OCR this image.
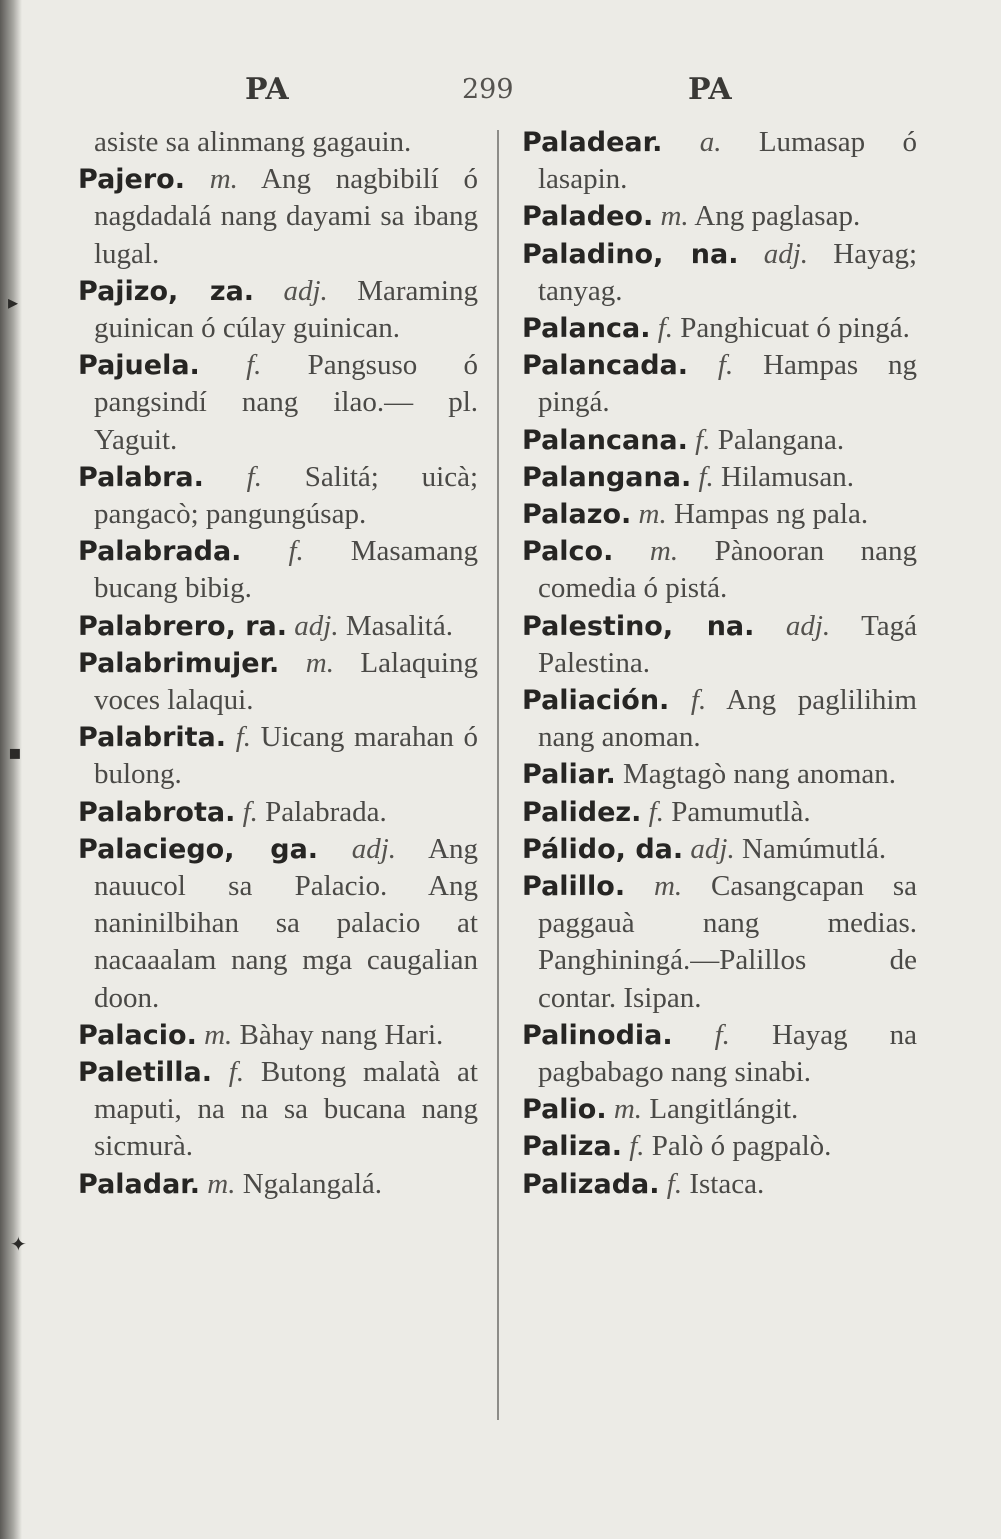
PA	299	PA
▸
▪
✦

asiste sa alinmang gagauin.

Pajero. m. Ang nagbibilí ó nagdadalá nang dayami sa ibang lugal.

Pajizo, za. adj. Maraming guinican ó cúlay guinican.

Pajuela. f. Pangsuso ó pangsindí nang ilao.— pl. Yaguit.

Palabra. f. Salitá; uicà; pangacò; pangungúsap.

Palabrada. f. Masamang bucang bibig.

Palabrero, ra. adj. Masalitá.

Palabrimujer. m. Lalaquing voces lalaqui.

Palabrita. f. Uicang marahan ó bulong.

Palabrota. f. Palabrada.

Palaciego, ga. adj. Ang nauucol sa Palacio. Ang naninilbihan sa palacio at nacaaalam nang mga caugalian doon.

Palacio. m. Bàhay nang Hari.

Paletilla. f. Butong malatà at maputi, na na sa bucana nang sicmurà.

Paladar. m. Ngalangalá.

Paladear. a. Lumasap ó lasapin.

Paladeo. m. Ang paglasap.

Paladino, na. adj. Hayag; tanyag.

Palanca. f. Panghicuat ó pingá.

Palancada. f. Hampas ng pingá.

Palancana. f. Palangana.

Palangana. f. Hilamusan.

Palazo. m. Hampas ng pala.

Palco. m. Pànooran nang comedia ó pistá.

Palestino, na. adj. Tagá Palestina.

Paliación. f. Ang paglilihim nang anoman.

Paliar. Magtagò nang anoman.

Palidez. f. Pamumutlà.

Pálido, da. adj. Namúmutlá.

Palillo. m. Casangcapan sa paggauà nang medias. Panghiningá.—Palillos de contar. Isipan.

Palinodia. f. Hayag na pagbabago nang sinabi.

Palio. m. Langitlángit.

Paliza. f. Palò ó pagpalò.

Palizada. f. Istaca.
